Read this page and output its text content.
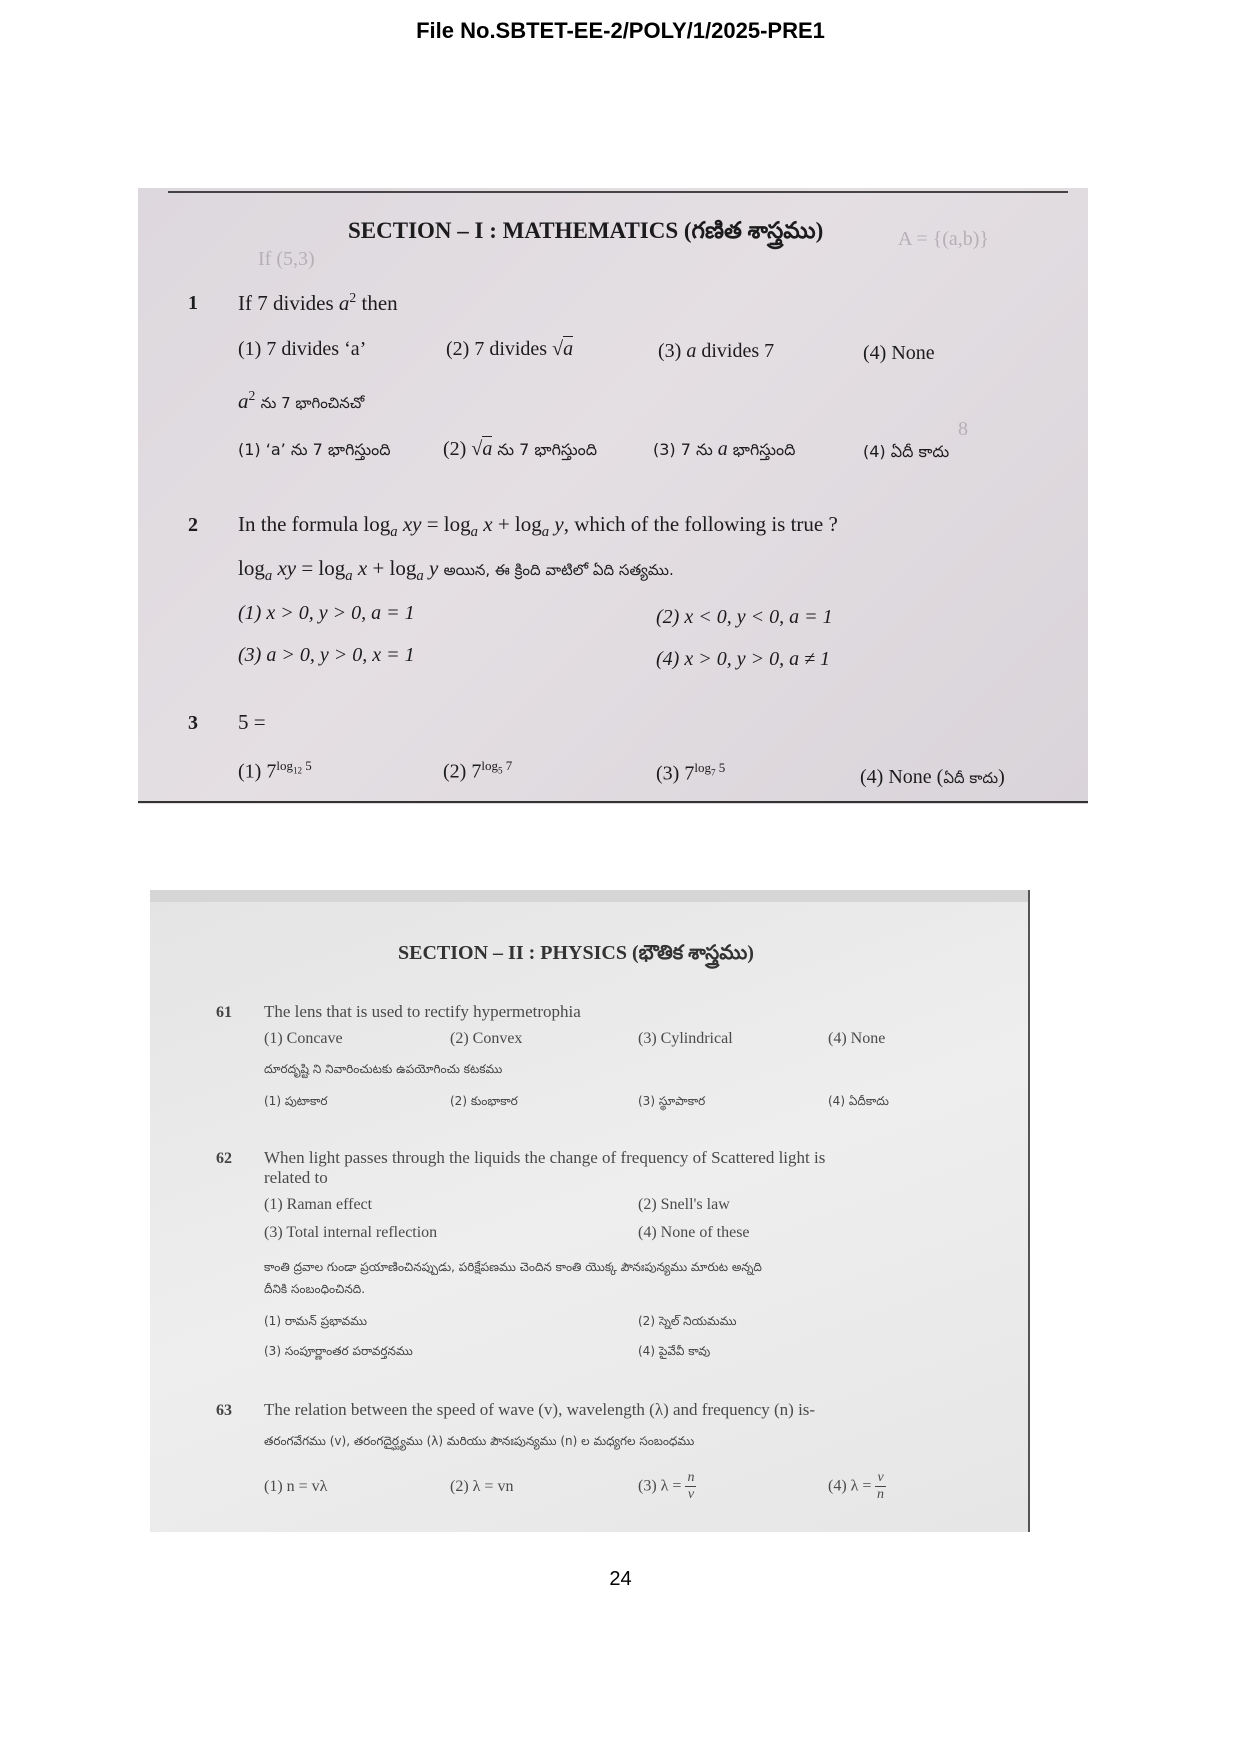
File No.SBTET-EE-2/POLY/1/2025-PRE1
A = {(a,b)}
If (5,3)
8
SECTION – I : MATHEMATICS (గణిత శాస్త్రము)
1 If 7 divides $a^2$ then
(1) 7 divides ‘a’	(2) 7 divides √a	(3) a divides 7	(4) None
$a^2$ ను 7 భాగించినచో
(1) ‘a’ ను 7 భాగిస్తుంది	(2) √a ను 7 భాగిస్తుంది	(3) 7 ను a భాగిస్తుంది	(4) ఏదీ కాదు
2 In the formula $\log_a$ xy = $\log_a x + \log_a y$, which of the following is true ?
$\log_a$ xy = $\log_a x + \log_a y$ అయిన, ఈ క్రింది వాటిలో ఏది సత్యము.
(1) x > 0, y > 0, a = 1	(2) x < 0, y < 0, a = 1
(3) a > 0, y > 0, x = 1	(4) x > 0, y > 0, a ≠ 1
3 5 =
(1) $7^{log_{12} 5}$	(2) $7^{log_5 7}$	(3) $7^{log_7 5}$	(4) None (ఏదీ కాదు)
SECTION – II : PHYSICS (భౌతిక శాస్త్రము)
61 The lens that is used to rectify hypermetrophia
(1) Concave	(2) Convex	(3) Cylindrical	(4) None
దూరదృష్టి ని నివారించుటకు ఉపయోగించు కటకము
(1) పుటాకార	(2) కుంభాకార	(3) స్థూపాకార	(4) ఏదీకాదు
62 When light passes through the liquids the change of frequency of Scattered light is
related to
(1) Raman effect	(2) Snell's law
(3) Total internal reflection	(4) None of these
కాంతి ద్రవాల గుండా ప్రయాణించినప్పుడు, పరిక్షేపణము చెందిన కాంతి యొక్క పౌనఃపున్యము మారుట అన్నది
దీనికి సంబంధించినది.
(1) రామన్ ప్రభావము	(2) స్నెల్ నియమము
(3) సంపూర్ణాంతర పరావర్తనము	(4) పైవేవీ కావు
63 The relation between the speed of wave (v), wavelength (λ) and frequency (n) is-
తరంగవేగము (v), తరంగదైర్ఘ్యము (λ) మరియు పౌనఃపున్యము (n) ల మధ్యగల సంబంధము
(1) n = vλ	(2) λ = vn	(3) $\lambda = \frac{n}{v}$	(4) $\lambda = \frac{v}{n}$
24
